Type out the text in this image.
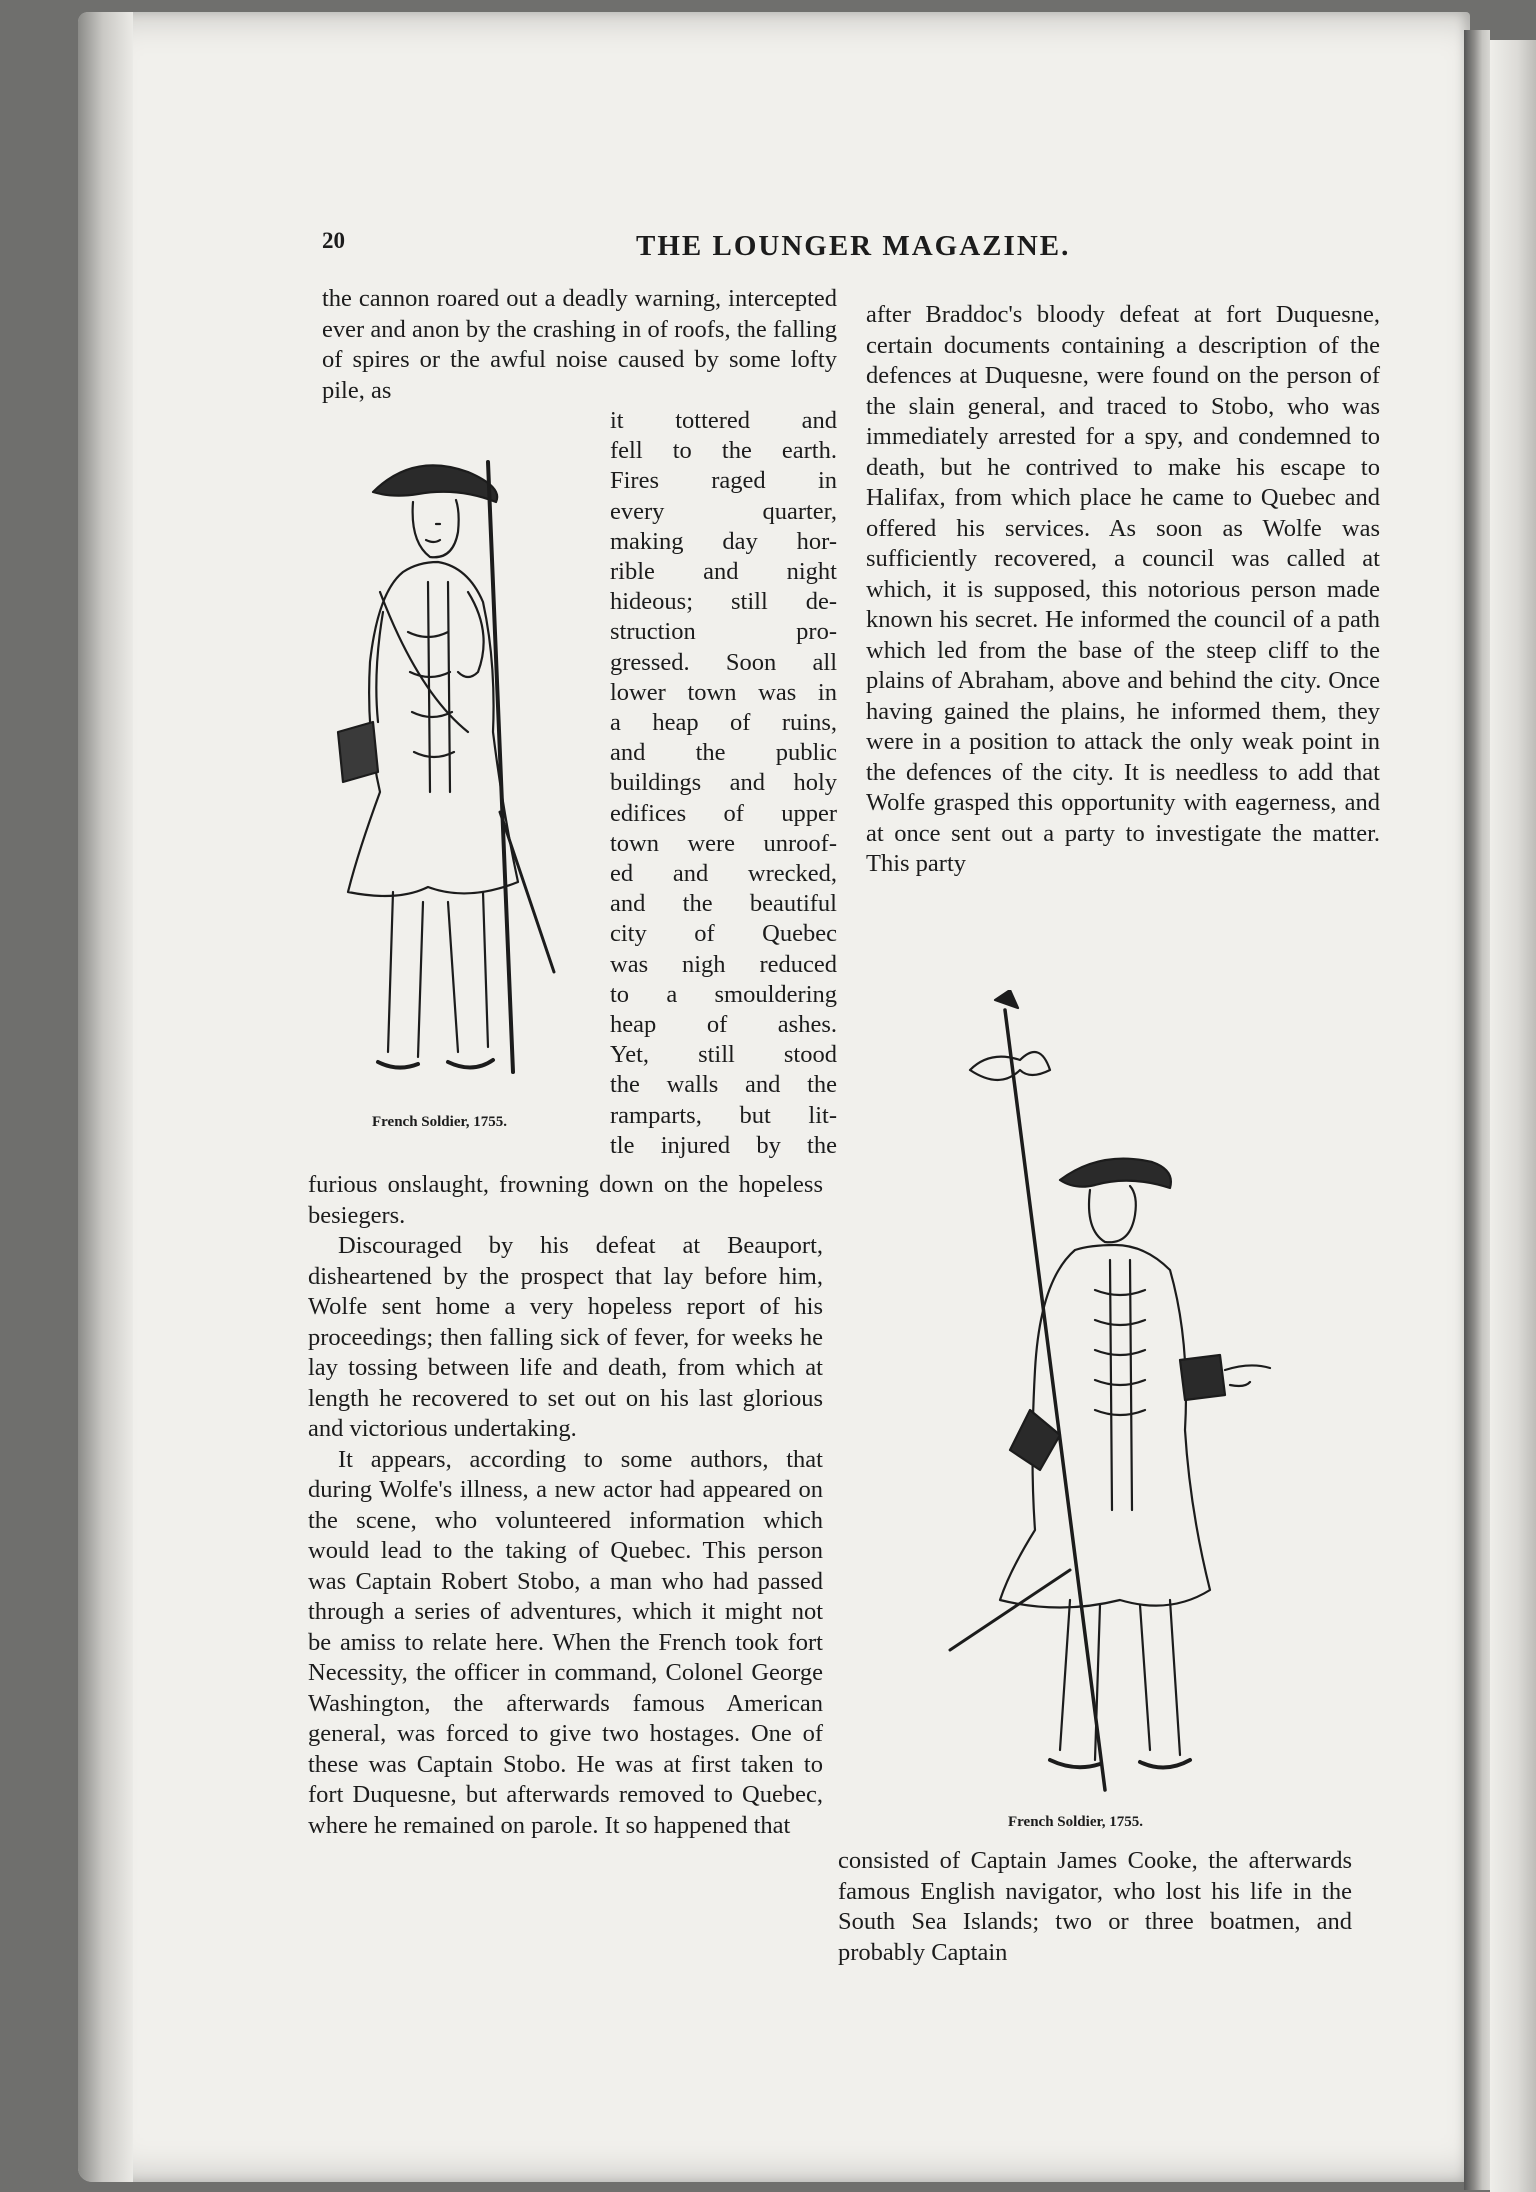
20	THE LOUNGER MAGAZINE.

the cannon roared out a deadly warning, intercepted ever and anon by the crashing in of roofs, the falling of spires or the awful noise caused by some lofty pile, as

it tottered and
fell to the earth.
Fires raged in
every quarter,
making day hor-
rible and night
hideous; still de-
struction pro-
gressed. Soon all
lower town was in
a heap of ruins,
and the public
buildings and holy
edifices of upper
town were unroof-
ed and wrecked,
and the beautiful
city of Quebec
was nigh reduced
to a smouldering
heap of ashes.
Yet, still stood
the walls and the
ramparts, but lit-
tle injured by the
French Soldier, 1755.

furious onslaught, frowning down on the hopeless besiegers.

Discouraged by his defeat at Beauport, disheartened by the prospect that lay before him, Wolfe sent home a very hopeless report of his proceedings; then falling sick of fever, for weeks he lay tossing between life and death, from which at length he recovered to set out on his last glorious and victorious undertaking.

It appears, according to some authors, that during Wolfe's illness, a new actor had appeared on the scene, who volunteered information which would lead to the taking of Quebec. This person was Captain Robert Stobo, a man who had passed through a series of adventures, which it might not be amiss to relate here. When the French took fort Necessity, the officer in command, Colonel George Washington, the afterwards famous American general, was forced to give two hostages. One of these was Captain Stobo. He was at first taken to fort Duquesne, but afterwards removed to Quebec, where he remained on parole. It so happened that

after Braddoc's bloody defeat at fort Duquesne, certain documents containing a description of the defences at Duquesne, were found on the person of the slain general, and traced to Stobo, who was immediately arrested for a spy, and condemned to death, but he contrived to make his escape to Halifax, from which place he came to Quebec and offered his services. As soon as Wolfe was sufficiently recovered, a council was called at which, it is supposed, this notorious person made known his secret. He informed the council of a path which led from the base of the steep cliff to the plains of Abraham, above and behind the city. Once having gained the plains, he informed them, they were in a position to attack the only weak point in the defences of the city. It is needless to add that Wolfe grasped this opportunity with eagerness, and at once sent out a party to investigate the matter. This party

French Soldier, 1755.

consisted of Captain James Cooke, the afterwards famous English navigator, who lost his life in the South Sea Islands; two or three boatmen, and probably Captain
